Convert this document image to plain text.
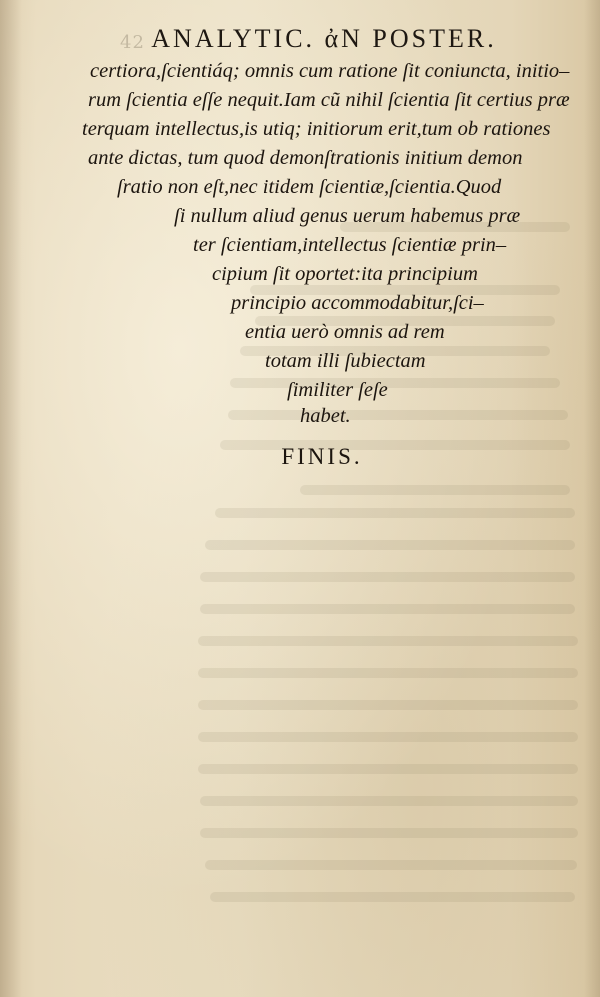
42 ANALYTIC. ἀN POSTER.
certiora,ſcientiáq; omnis cum ratione ſit coniuncta, initio–
rum ſcientia eſſe nequit.Iam cũ nihil ſcientia ſit certius præ
terquam intellectus,is utiq; initiorum erit,tum ob rationes
ante dictas, tum quod demonſtrationis initium demon
ſratio non eſt,nec itidem ſcientiæ,ſcientia.Quod
ſi nullum aliud genus uerum habemus præ
ter ſcientiam,intellectus ſcientiæ prin–
cipium ſit oportet:ita principium
principio accommodabitur,ſci–
entia uerò omnis ad rem
totam illi ſubiectam
ſimiliter ſeſe
habet.
FINIS.
